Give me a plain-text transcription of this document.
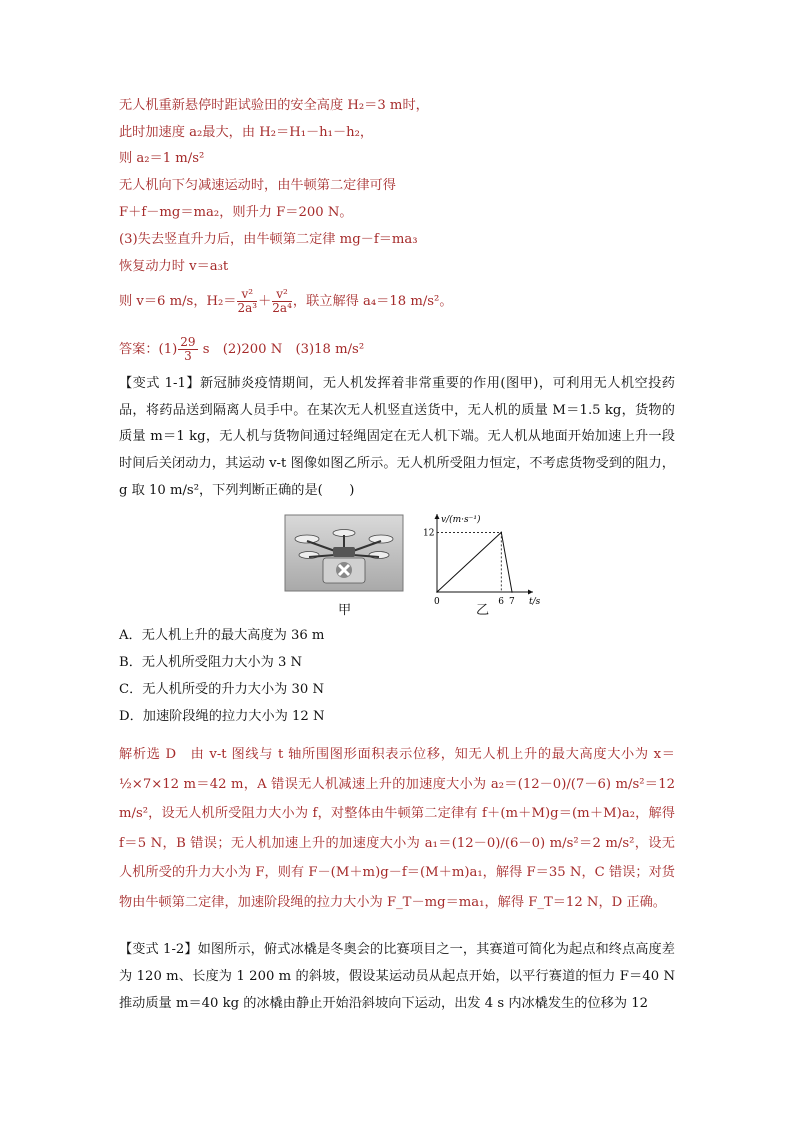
无人机重新悬停时距试验田的安全高度 H₂＝3 m时，
此时加速度 a₂最大，由 H₂＝H₁－h₁－h₂，
则 a₂＝1 m/s²
无人机向下匀减速运动时，由牛顿第二定律可得
F＋f－mg＝ma₂，则升力 F＝200 N。
(3)失去竖直升力后，由牛顿第二定律 mg－f＝ma₃
恢复动力时 v＝a₃t
则 v＝6 m/s，$H_2= \frac{\text{v²}}{\text{2a³}} + \frac{\text{v²}}{\text{2a⁴}}$ ，联立解得 a₄＝18 m/s²。
答案：$(1) \frac{29}{3}$ s　(2)200 N　(3)18 m/s²
【变式 1-1】新冠肺炎疫情期间，无人机发挥着非常重要的作用(图甲)，可利用无人机空投药品，将药品送到隔离人员手中。在某次无人机竖直送货中，无人机的质量 M＝1.5 kg，货物的质量 m＝1 kg，无人机与货物间通过轻绳固定在无人机下端。无人机从地面开始加速上升一段时间后关闭动力，其运动 v-t 图像如图乙所示。无人机所受阻力恒定，不考虑货物受到的阻力，g 取 10 m/s²，下列判断正确的是(　　)
甲
v/(m·s⁻¹)
t/s
0	6 7
12
乙
A．无人机上升的最大高度为 36 m
B．无人机所受阻力大小为 3 N
C．无人机所受的升力大小为 30 N
D．加速阶段绳的拉力大小为 12 N
解析选 D　由 v-t 图线与 t 轴所围图形面积表示位移，知无人机上升的最大高度大小为 x＝½×7×12 m＝42 m，A 错误无人机减速上升的加速度大小为 a₂＝(12－0)/(7－6) m/s²＝12 m/s²，设无人机所受阻力大小为 f，对整体由牛顿第二定律有 f＋(m＋M)g＝(m＋M)a₂，解得 f＝5 N，B 错误；无人机加速上升的加速度大小为 a₁＝(12－0)/(6－0) m/s²＝2 m/s²，设无人机所受的升力大小为 F，则有 F－(M＋m)g－f＝(M＋m)a₁，解得 F＝35 N，C 错误；对货物由牛顿第二定律，加速阶段绳的拉力大小为 F_T－mg＝ma₁，解得 F_T＝12 N，D 正确。
【变式 1-2】如图所示，俯式冰橇是冬奥会的比赛项目之一，其赛道可简化为起点和终点高度差为 120 m、长度为 1 200 m 的斜坡，假设某运动员从起点开始，以平行赛道的恒力 F＝40 N 推动质量 m＝40 kg 的冰橇由静止开始沿斜坡向下运动，出发 4 s 内冰橇发生的位移为 12
